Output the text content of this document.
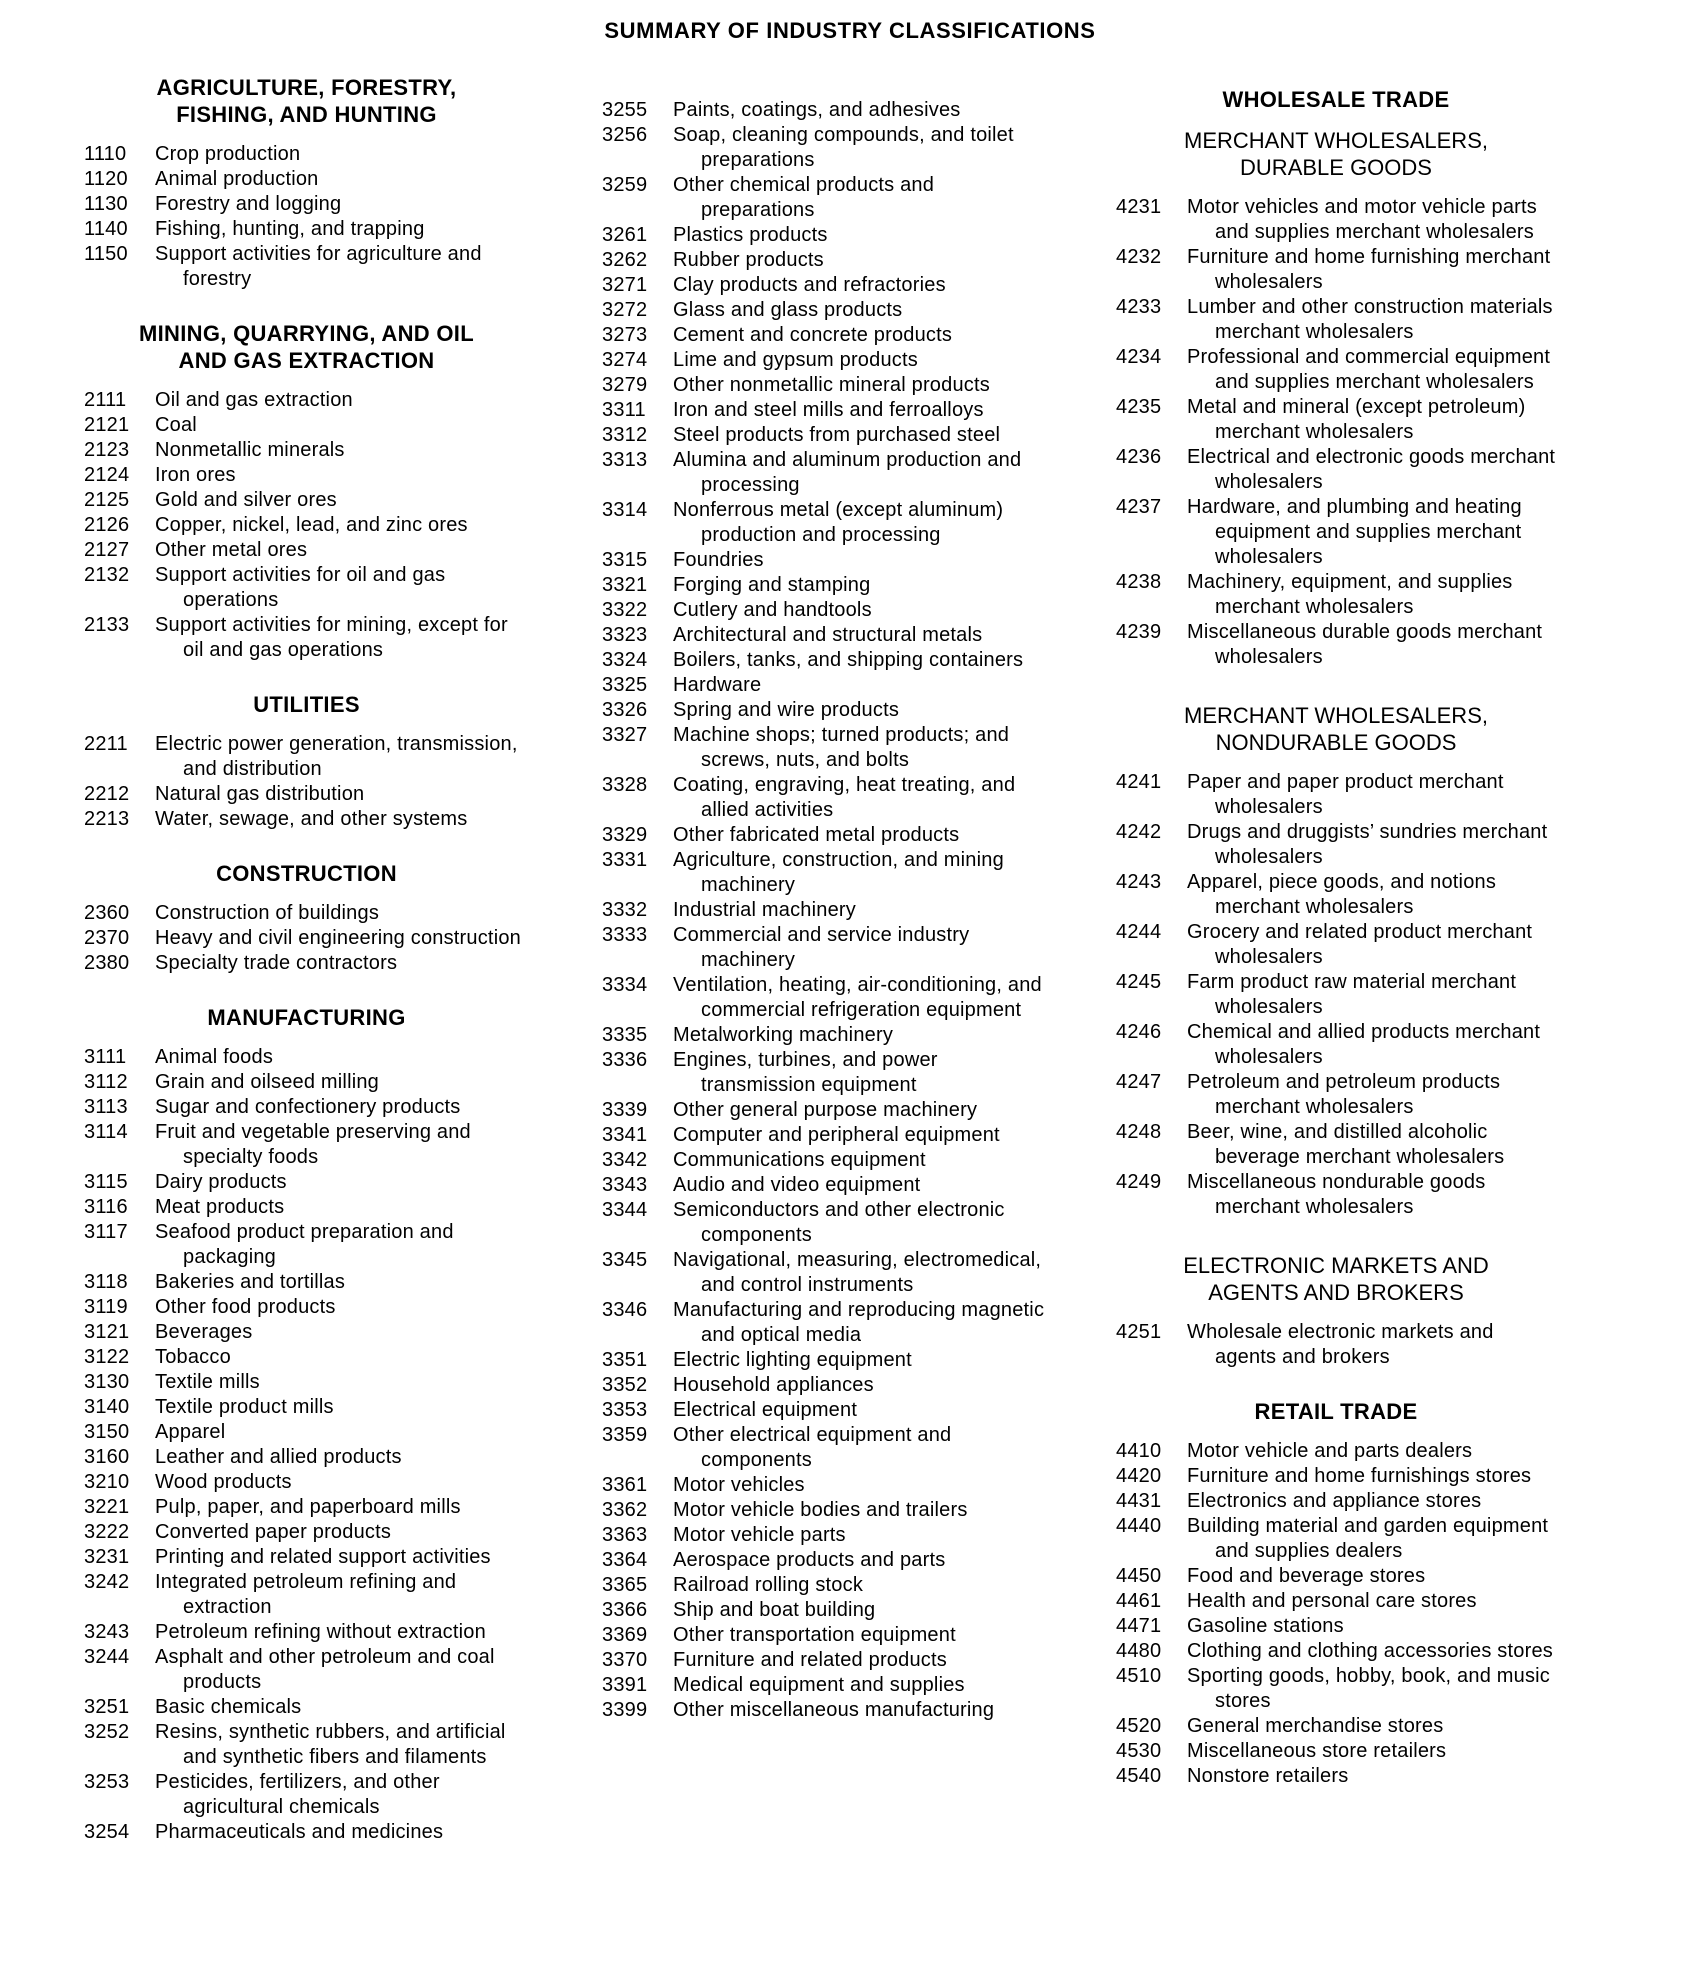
SUMMARY OF INDUSTRY CLASSIFICATIONS
AGRICULTURE, FORESTRY,
FISHING, AND HUNTING
1110	Crop production
1120	Animal production
1130	Forestry and logging
1140	Fishing, hunting, and trapping
1150	Support activities for agriculture and forestry
MINING, QUARRYING, AND OIL
AND GAS EXTRACTION
2111	Oil and gas extraction
2121	Coal
2123	Nonmetallic minerals
2124	Iron ores
2125	Gold and silver ores
2126	Copper, nickel, lead, and zinc ores
2127	Other metal ores
2132	Support activities for oil and gas operations
2133	Support activities for mining, except for oil and gas operations
UTILITIES
2211	Electric power generation, transmission, and distribution
2212	Natural gas distribution
2213	Water, sewage, and other systems
CONSTRUCTION
2360	Construction of buildings
2370	Heavy and civil engineering construction
2380	Specialty trade contractors
MANUFACTURING
3111	Animal foods
3112	Grain and oilseed milling
3113	Sugar and confectionery products
3114	Fruit and vegetable preserving and specialty foods
3115	Dairy products
3116	Meat products
3117	Seafood product preparation and packaging
3118	Bakeries and tortillas
3119	Other food products
3121	Beverages
3122	Tobacco
3130	Textile mills
3140	Textile product mills
3150	Apparel
3160	Leather and allied products
3210	Wood products
3221	Pulp, paper, and paperboard mills
3222	Converted paper products
3231	Printing and related support activities
3242	Integrated petroleum refining and extraction
3243	Petroleum refining without extraction
3244	Asphalt and other petroleum and coal products
3251	Basic chemicals
3252	Resins, synthetic rubbers, and artificial and synthetic fibers and filaments
3253	Pesticides, fertilizers, and other agricultural chemicals
3254	Pharmaceuticals and medicines
3255	Paints, coatings, and adhesives
3256	Soap, cleaning compounds, and toilet preparations
3259	Other chemical products and preparations
3261	Plastics products
3262	Rubber products
3271	Clay products and refractories
3272	Glass and glass products
3273	Cement and concrete products
3274	Lime and gypsum products
3279	Other nonmetallic mineral products
3311	Iron and steel mills and ferroalloys
3312	Steel products from purchased steel
3313	Alumina and aluminum production and processing
3314	Nonferrous metal (except aluminum) production and processing
3315	Foundries
3321	Forging and stamping
3322	Cutlery and handtools
3323	Architectural and structural metals
3324	Boilers, tanks, and shipping containers
3325	Hardware
3326	Spring and wire products
3327	Machine shops; turned products; and screws, nuts, and bolts
3328	Coating, engraving, heat treating, and allied activities
3329	Other fabricated metal products
3331	Agriculture, construction, and mining machinery
3332	Industrial machinery
3333	Commercial and service industry machinery
3334	Ventilation, heating, air-conditioning, and commercial refrigeration equipment
3335	Metalworking machinery
3336	Engines, turbines, and power transmission equipment
3339	Other general purpose machinery
3341	Computer and peripheral equipment
3342	Communications equipment
3343	Audio and video equipment
3344	Semiconductors and other electronic components
3345	Navigational, measuring, electromedical, and control instruments
3346	Manufacturing and reproducing magnetic and optical media
3351	Electric lighting equipment
3352	Household appliances
3353	Electrical equipment
3359	Other electrical equipment and components
3361	Motor vehicles
3362	Motor vehicle bodies and trailers
3363	Motor vehicle parts
3364	Aerospace products and parts
3365	Railroad rolling stock
3366	Ship and boat building
3369	Other transportation equipment
3370	Furniture and related products
3391	Medical equipment and supplies
3399	Other miscellaneous manufacturing
WHOLESALE TRADE
MERCHANT WHOLESALERS,
DURABLE GOODS
4231	Motor vehicles and motor vehicle parts and supplies merchant wholesalers
4232	Furniture and home furnishing merchant wholesalers
4233	Lumber and other construction materials merchant wholesalers
4234	Professional and commercial equipment and supplies merchant wholesalers
4235	Metal and mineral (except petroleum) merchant wholesalers
4236	Electrical and electronic goods merchant wholesalers
4237	Hardware, and plumbing and heating equipment and supplies merchant wholesalers
4238	Machinery, equipment, and supplies merchant wholesalers
4239	Miscellaneous durable goods merchant wholesalers
MERCHANT WHOLESALERS,
NONDURABLE GOODS
4241	Paper and paper product merchant wholesalers
4242	Drugs and druggists’ sundries merchant wholesalers
4243	Apparel, piece goods, and notions merchant wholesalers
4244	Grocery and related product merchant wholesalers
4245	Farm product raw material merchant wholesalers
4246	Chemical and allied products merchant wholesalers
4247	Petroleum and petroleum products merchant wholesalers
4248	Beer, wine, and distilled alcoholic beverage merchant wholesalers
4249	Miscellaneous nondurable goods merchant wholesalers
ELECTRONIC MARKETS AND
AGENTS AND BROKERS
4251	Wholesale electronic markets and agents and brokers
RETAIL TRADE
4410	Motor vehicle and parts dealers
4420	Furniture and home furnishings stores
4431	Electronics and appliance stores
4440	Building material and garden equipment and supplies dealers
4450	Food and beverage stores
4461	Health and personal care stores
4471	Gasoline stations
4480	Clothing and clothing accessories stores
4510	Sporting goods, hobby, book, and music stores
4520	General merchandise stores
4530	Miscellaneous store retailers
4540	Nonstore retailers
